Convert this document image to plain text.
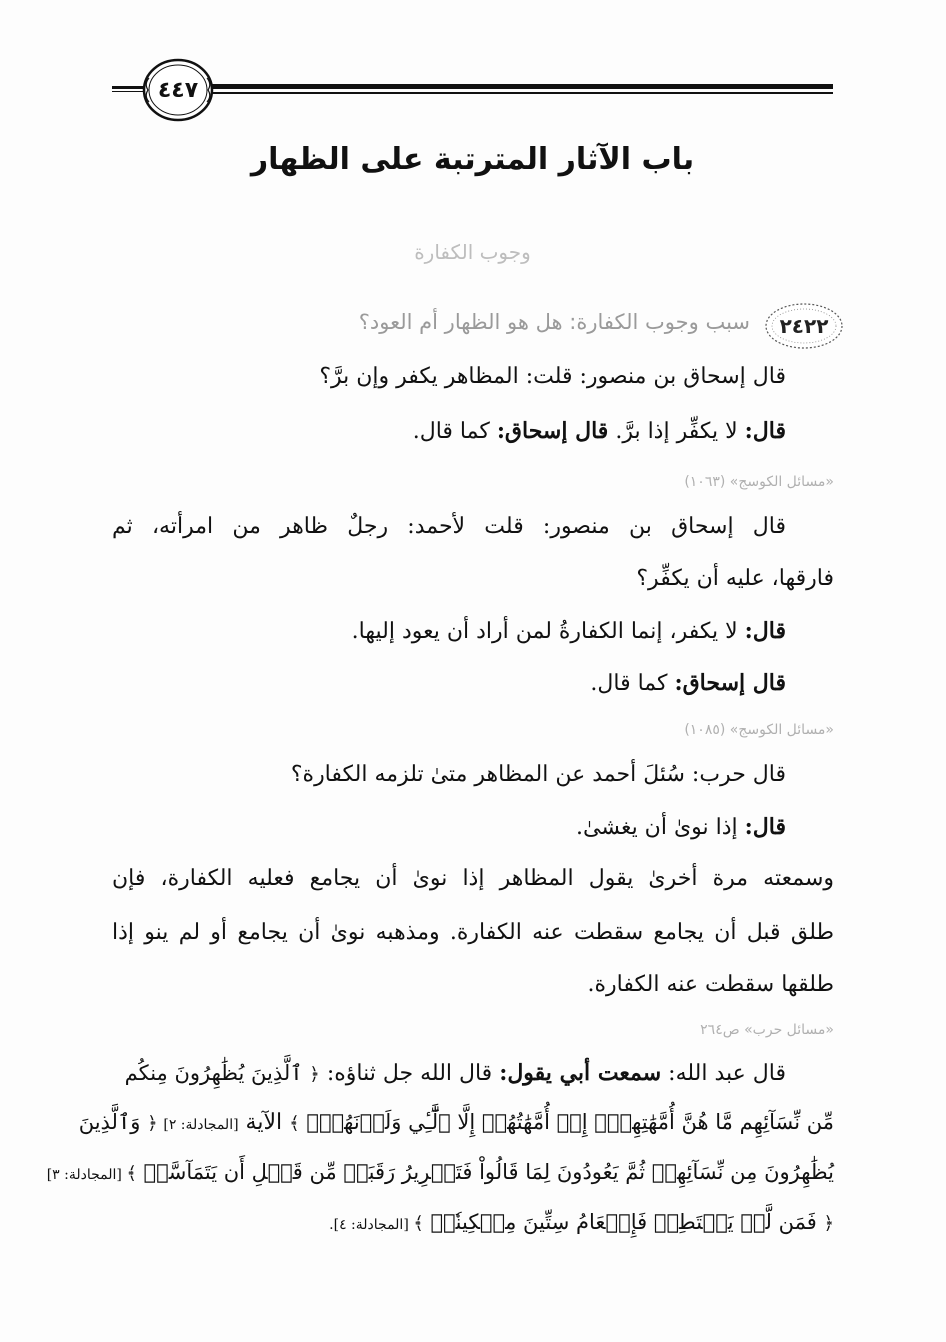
٤٤٧
باب الآثار المترتبة على الظهار
وجوب الكفارة
٢٤٢٢
سبب وجوب الكفارة: هل هو الظهار أم العود؟
قال إسحاق بن منصور: قلت: المظاهر يكفر وإن برَّ؟
قال: لا يكفِّر إذا برَّ. قال إسحاق: كما قال.
«مسائل الكوسج» (١٠٦٣)
قال إسحاق بن منصور: قلت لأحمد: رجلٌ ظاهر من امرأته، ثم
فارقها، عليه أن يكفِّر؟
قال: لا يكفر، إنما الكفارةُ لمن أراد أن يعود إليها.
قال إسحاق: كما قال.
«مسائل الكوسج» (١٠٨٥)
قال حرب: سُئلَ أحمد عن المظاهر متىٰ تلزمه الكفارة؟
قال: إذا نوىٰ أن يغشىٰ.
وسمعته مرة أخرىٰ يقول المظاهر إذا نوىٰ أن يجامع فعليه الكفارة، فإن
طلق قبل أن يجامع سقطت عنه الكفارة. ومذهبه نوىٰ أن يجامع أو لم ينو إذا
طلقها سقطت عنه الكفارة.
«مسائل حرب» ص٢٦٤
قال عبد الله: سمعت أبي يقول: قال الله جل ثناؤه: ﴿ ٱلَّذِينَ يُظَٰهِرُونَ مِنكُم
مِّن نِّسَآئِهِم مَّا هُنَّ أُمَّهَٰتِهِمۡۖ إِنۡ أُمَّهَٰتُهُمۡ إِلَّا ٱلَّٰٓـِٔي وَلَدۡنَهُمۡۚ ﴾ الآية [المجادلة: ٢] ﴿ وَٱلَّذِينَ
يُظَٰهِرُونَ مِن نِّسَآئِهِمۡ ثُمَّ يَعُودُونَ لِمَا قَالُواْ فَتَحۡرِيرُ رَقَبَةٖ مِّن قَبۡلِ أَن يَتَمَآسَّاۚ ﴾ [المجادلة: ٣]
﴿ فَمَن لَّمۡ يَسۡتَطِعۡ فَإِطۡعَامُ سِتِّينَ مِسۡكِينٗاۚ ﴾ [المجادلة: ٤].
